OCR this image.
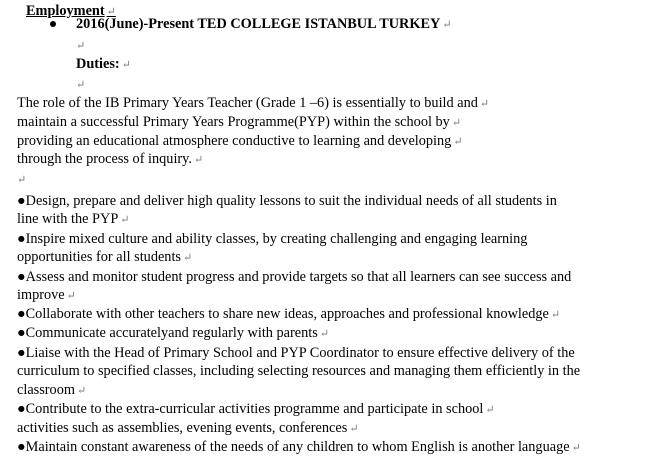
Employment ↵
2016(June)-Present TED COLLEGE ISTANBUL TURKEY ↵
↵
Duties: ↵
↵
The role of the IB Primary Years Teacher (Grade 1 –6) is essentially to build and ↵
maintain a successful Primary Years Programme(PYP) within the school by ↵
providing an educational atmosphere conductive to learning and developing ↵
through the process of inquiry. ↵
↵
●Design, prepare and deliver high quality lessons to suit the individual needs of all students in
line with the PYP ↵
●Inspire mixed culture and ability classes, by creating challenging and engaging learning
opportunities for all students ↵
●Assess and monitor student progress and provide targets so that all learners can see success and
improve ↵
●Collaborate with other teachers to share new ideas, approaches and professional knowledge ↵
●Communicate accuratelyand regularly with parents ↵
●Liaise with the Head of Primary School and PYP Coordinator to ensure effective delivery of the
curriculum to specified classes, including selecting resources and managing them efficiently in the
classroom ↵
●Contribute to the extra-curricular activities programme and participate in school ↵
activities such as assemblies, evening events, conferences ↵
●Maintain constant awareness of the needs of any children to whom English is another language ↵
